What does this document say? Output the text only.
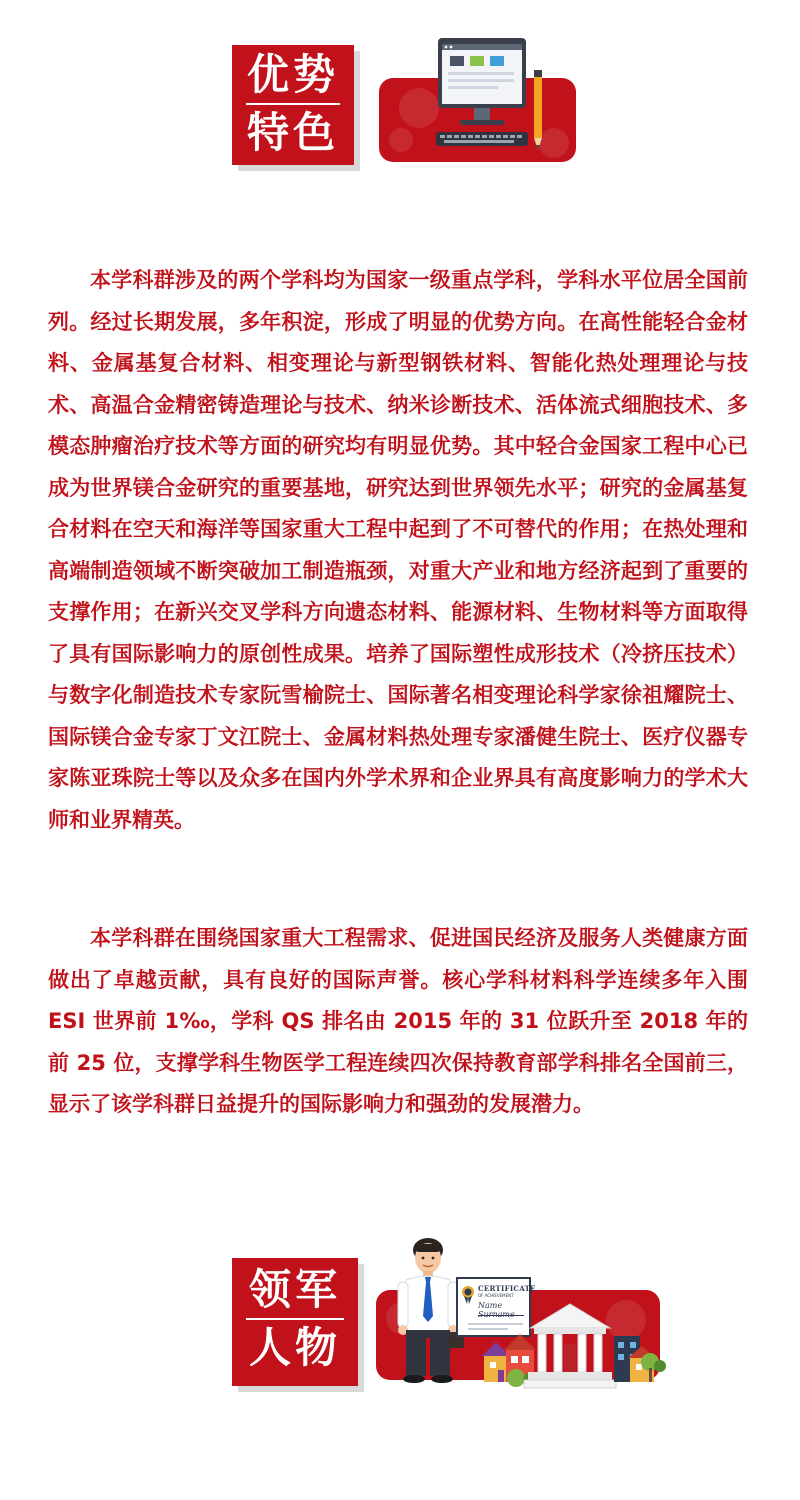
优势
特色

本学科群涉及的两个学科均为国家一级重点学科，学科水平位居全国前列。经过长期发展，多年积淀，形成了明显的优势方向。在高性能轻合金材料、金属基复合材料、相变理论与新型钢铁材料、智能化热处理理论与技术、高温合金精密铸造理论与技术、纳米诊断技术、活体流式细胞技术、多模态肿瘤治疗技术等方面的研究均有明显优势。其中轻合金国家工程中心已成为世界镁合金研究的重要基地，研究达到世界领先水平；研究的金属基复合材料在空天和海洋等国家重大工程中起到了不可替代的作用；在热处理和高端制造领域不断突破加工制造瓶颈，对重大产业和地方经济起到了重要的支撑作用；在新兴交叉学科方向遗态材料、能源材料、生物材料等方面取得了具有国际影响力的原创性成果。培养了国际塑性成形技术（冷挤压技术）与数字化制造技术专家阮雪榆院士、国际著名相变理论科学家徐祖耀院士、国际镁合金专家丁文江院士、金属材料热处理专家潘健生院士、医疗仪器专家陈亚珠院士等以及众多在国内外学术界和企业界具有高度影响力的学术大师和业界精英。

本学科群在围绕国家重大工程需求、促进国民经济及服务人类健康方面做出了卓越贡献，具有良好的国际声誉。核心学科材料科学连续多年入围 ESI 世界前 1‰，学科 QS 排名由 2015 年的 31 位跃升至 2018 年的前 25 位，支撑学科生物医学工程连续四次保持教育部学科排名全国前三，显示了该学科群日益提升的国际影响力和强劲的发展潜力。

领军
人物
CERTIFICATE
OF ACHIEVEMENT
Name
